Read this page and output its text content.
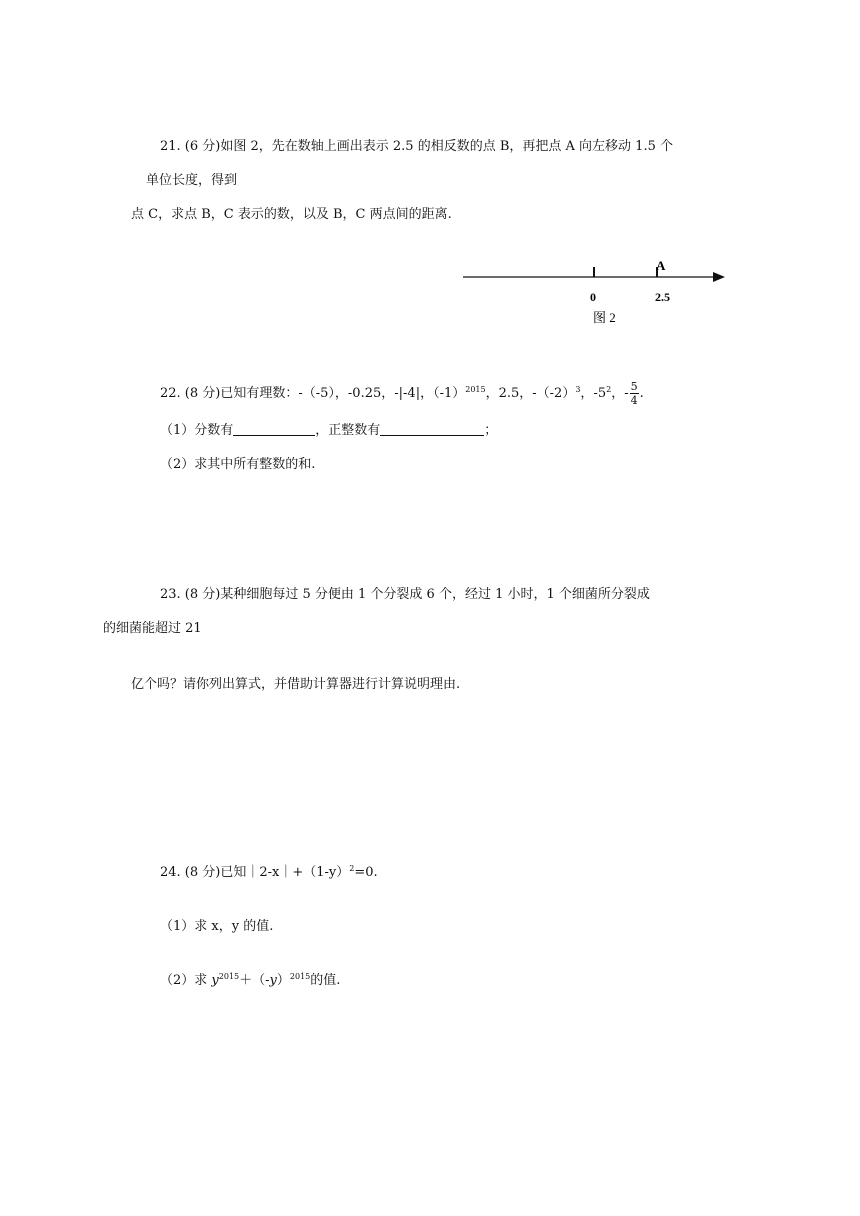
21. (6 分)如图 2，先在数轴上画出表示 2.5 的相反数的点 B，再把点 A 向左移动 1.5 个
单位长度，得到
点 C，求点 B，C 表示的数，以及 B，C 两点间的距离.
A
0	2.5
图 2
22. (8 分)已知有理数：-（-5），-0.25，-|-4|，$(-1)^{2015}$，2.5，$-(-2)^3$，$-5^2$，- $\frac{5}{4}$ .
（1）分数有	，正整数有	；
（2）求其中所有整数的和.
23. (8 分)某种细胞每过 5 分便由 1 个分裂成 6 个，经过 1 小时，1 个细菌所分裂成
的细菌能超过 21
亿个吗？请你列出算式，并借助计算器进行计算说明理由.
24. (8 分)已知$|2-x|+(1-y)^2=0$.
（1）求 x，y 的值.
（2）求 $y^{2015}+(-y)^{2015}$的值.
